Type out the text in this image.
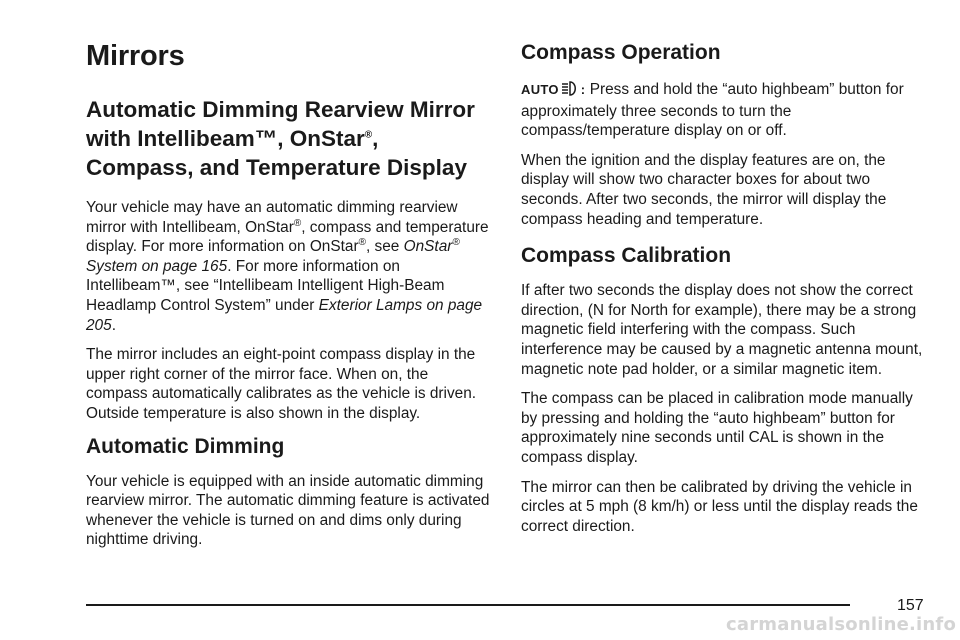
Mirrors
Automatic Dimming Rearview Mirror
with Intellibeam™, OnStar®,
Compass, and Temperature Display

Your vehicle may have an automatic dimming rearview mirror with Intellibeam, OnStar®, compass and temperature display. For more information on OnStar®, see OnStar® System on page 165. For more information on Intellibeam™, see “Intellibeam Intelligent High-Beam Headlamp Control System” under Exterior Lamps on page 205.

The mirror includes an eight-point compass display in the upper right corner of the mirror face. When on, the compass automatically calibrates as the vehicle is driven. Outside temperature is also shown in the display.

Automatic Dimming

Your vehicle is equipped with an inside automatic dimming rearview mirror. The automatic dimming feature is activated whenever the vehicle is turned on and dims only during nighttime driving.

Compass Operation

AUTO : Press and hold the “auto highbeam” button for approximately three seconds to turn the compass/temperature display on or off.

When the ignition and the display features are on, the display will show two character boxes for about two seconds. After two seconds, the mirror will display the compass heading and temperature.

Compass Calibration

If after two seconds the display does not show the correct direction, (N for North for example), there may be a strong magnetic field interfering with the compass. Such interference may be caused by a magnetic antenna mount, magnetic note pad holder, or a similar magnetic item.

The compass can be placed in calibration mode manually by pressing and holding the “auto highbeam” button for approximately nine seconds until CAL is shown in the compass display.

The mirror can then be calibrated by driving the vehicle in circles at 5 mph (8 km/h) or less until the display reads the correct direction.

157
carmanualsonline.info
